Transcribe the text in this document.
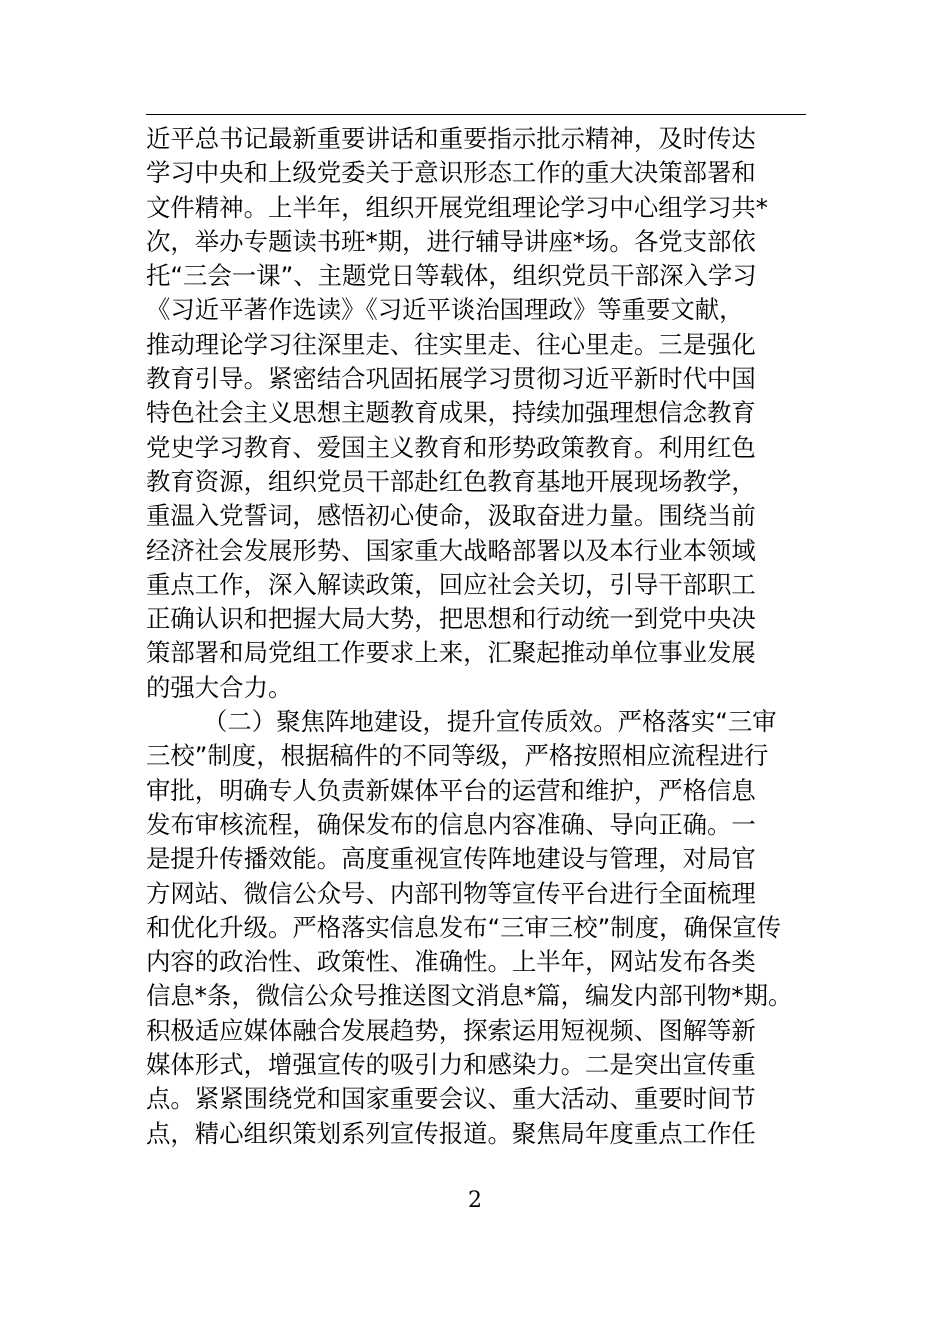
近平总书记最新重要讲话和重要指示批示精神，及时传达
学习中央和上级党委关于意识形态工作的重大决策部署和
文件精神。上半年，组织开展党组理论学习中心组学习共*
次，举办专题读书班*期，进行辅导讲座*场。各党支部依
托“三会一课”、主题党日等载体，组织党员干部深入学习
《习近平著作选读》《习近平谈治国理政》等重要文献，
推动理论学习往深里走、往实里走、往心里走。三是强化
教育引导。紧密结合巩固拓展学习贯彻习近平新时代中国
特色社会主义思想主题教育成果，持续加强理想信念教育
党史学习教育、爱国主义教育和形势政策教育。利用红色
教育资源，组织党员干部赴红色教育基地开展现场教学，
重温入党誓词，感悟初心使命，汲取奋进力量。围绕当前
经济社会发展形势、国家重大战略部署以及本行业本领域
重点工作，深入解读政策，回应社会关切，引导干部职工
正确认识和把握大局大势，把思想和行动统一到党中央决
策部署和局党组工作要求上来，汇聚起推动单位事业发展
的强大合力。
（二）聚焦阵地建设，提升宣传质效。严格落实“三审
三校”制度，根据稿件的不同等级，严格按照相应流程进行
审批，明确专人负责新媒体平台的运营和维护，严格信息
发布审核流程，确保发布的信息内容准确、导向正确。一
是提升传播效能。高度重视宣传阵地建设与管理，对局官
方网站、微信公众号、内部刊物等宣传平台进行全面梳理
和优化升级。严格落实信息发布“三审三校”制度，确保宣传
内容的政治性、政策性、准确性。上半年，网站发布各类
信息*条，微信公众号推送图文消息*篇，编发内部刊物*期。
积极适应媒体融合发展趋势，探索运用短视频、图解等新
媒体形式，增强宣传的吸引力和感染力。二是突出宣传重
点。紧紧围绕党和国家重要会议、重大活动、重要时间节
点，精心组织策划系列宣传报道。聚焦局年度重点工作任
2
